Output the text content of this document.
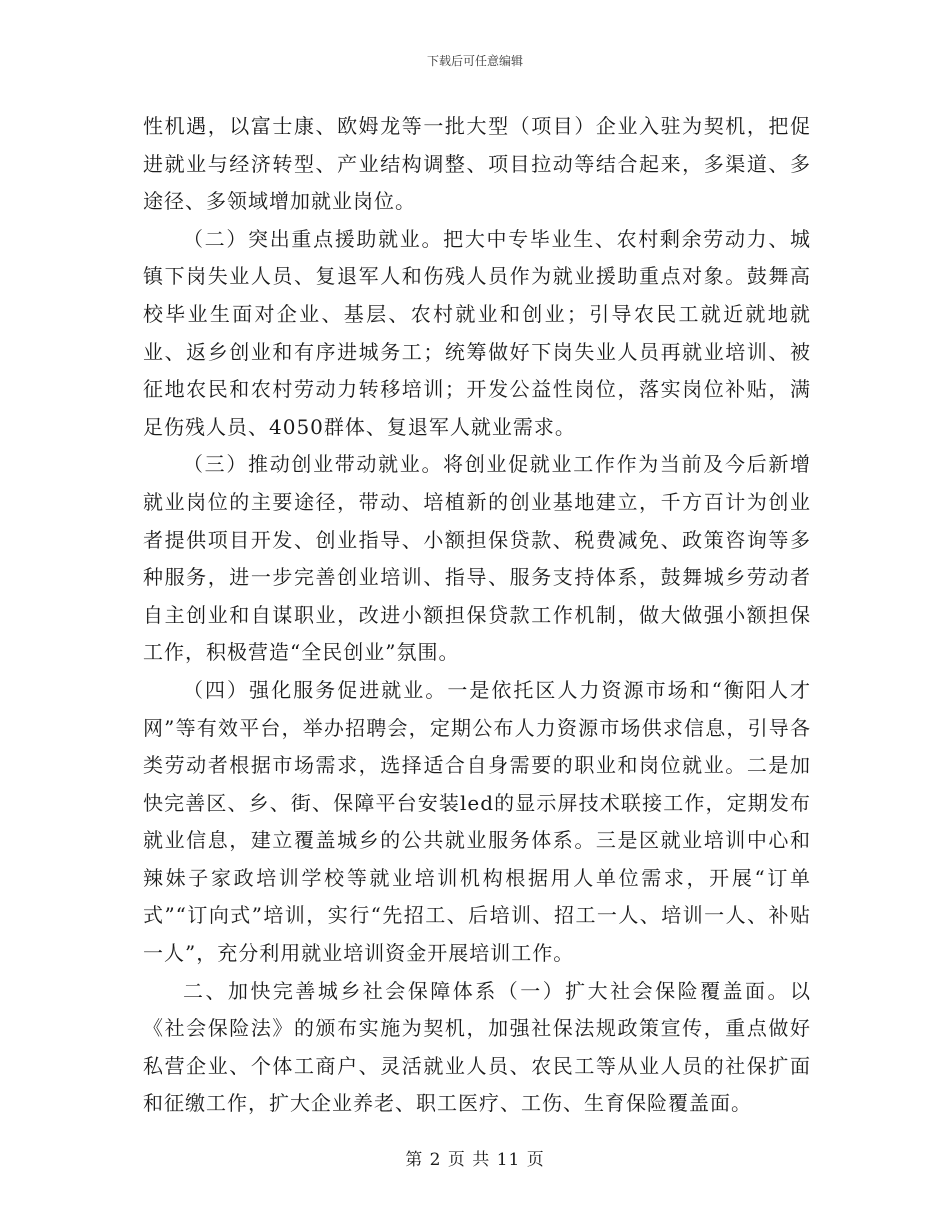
下载后可任意编辑

性机遇，以富士康、欧姆龙等一批大型（项目）企业入驻为契机，把促进就业与经济转型、产业结构调整、项目拉动等结合起来，多渠道、多途径、多领域增加就业岗位。

（二）突出重点援助就业。把大中专毕业生、农村剩余劳动力、城镇下岗失业人员、复退军人和伤残人员作为就业援助重点对象。鼓舞高校毕业生面对企业、基层、农村就业和创业；引导农民工就近就地就业、返乡创业和有序进城务工；统筹做好下岗失业人员再就业培训、被征地农民和农村劳动力转移培训；开发公益性岗位，落实岗位补贴，满足伤残人员、4050群体、复退军人就业需求。

（三）推动创业带动就业。将创业促就业工作作为当前及今后新增就业岗位的主要途径，带动、培植新的创业基地建立，千方百计为创业者提供项目开发、创业指导、小额担保贷款、税费减免、政策咨询等多种服务，进一步完善创业培训、指导、服务支持体系，鼓舞城乡劳动者自主创业和自谋职业，改进小额担保贷款工作机制，做大做强小额担保工作，积极营造“全民创业”氛围。

（四）强化服务促进就业。一是依托区人力资源市场和“衡阳人才网”等有效平台，举办招聘会，定期公布人力资源市场供求信息，引导各类劳动者根据市场需求，选择适合自身需要的职业和岗位就业。二是加快完善区、乡、街、保障平台安装led的显示屏技术联接工作，定期发布就业信息，建立覆盖城乡的公共就业服务体系。三是区就业培训中心和辣妹子家政培训学校等就业培训机构根据用人单位需求，开展“订单式”“订向式”培训，实行“先招工、后培训、招工一人、培训一人、补贴一人”，充分利用就业培训资金开展培训工作。

二、加快完善城乡社会保障体系（一）扩大社会保险覆盖面。以《社会保险法》的颁布实施为契机，加强社保法规政策宣传，重点做好私营企业、个体工商户、灵活就业人员、农民工等从业人员的社保扩面和征缴工作，扩大企业养老、职工医疗、工伤、生育保险覆盖面。

第 2 页 共 11 页
